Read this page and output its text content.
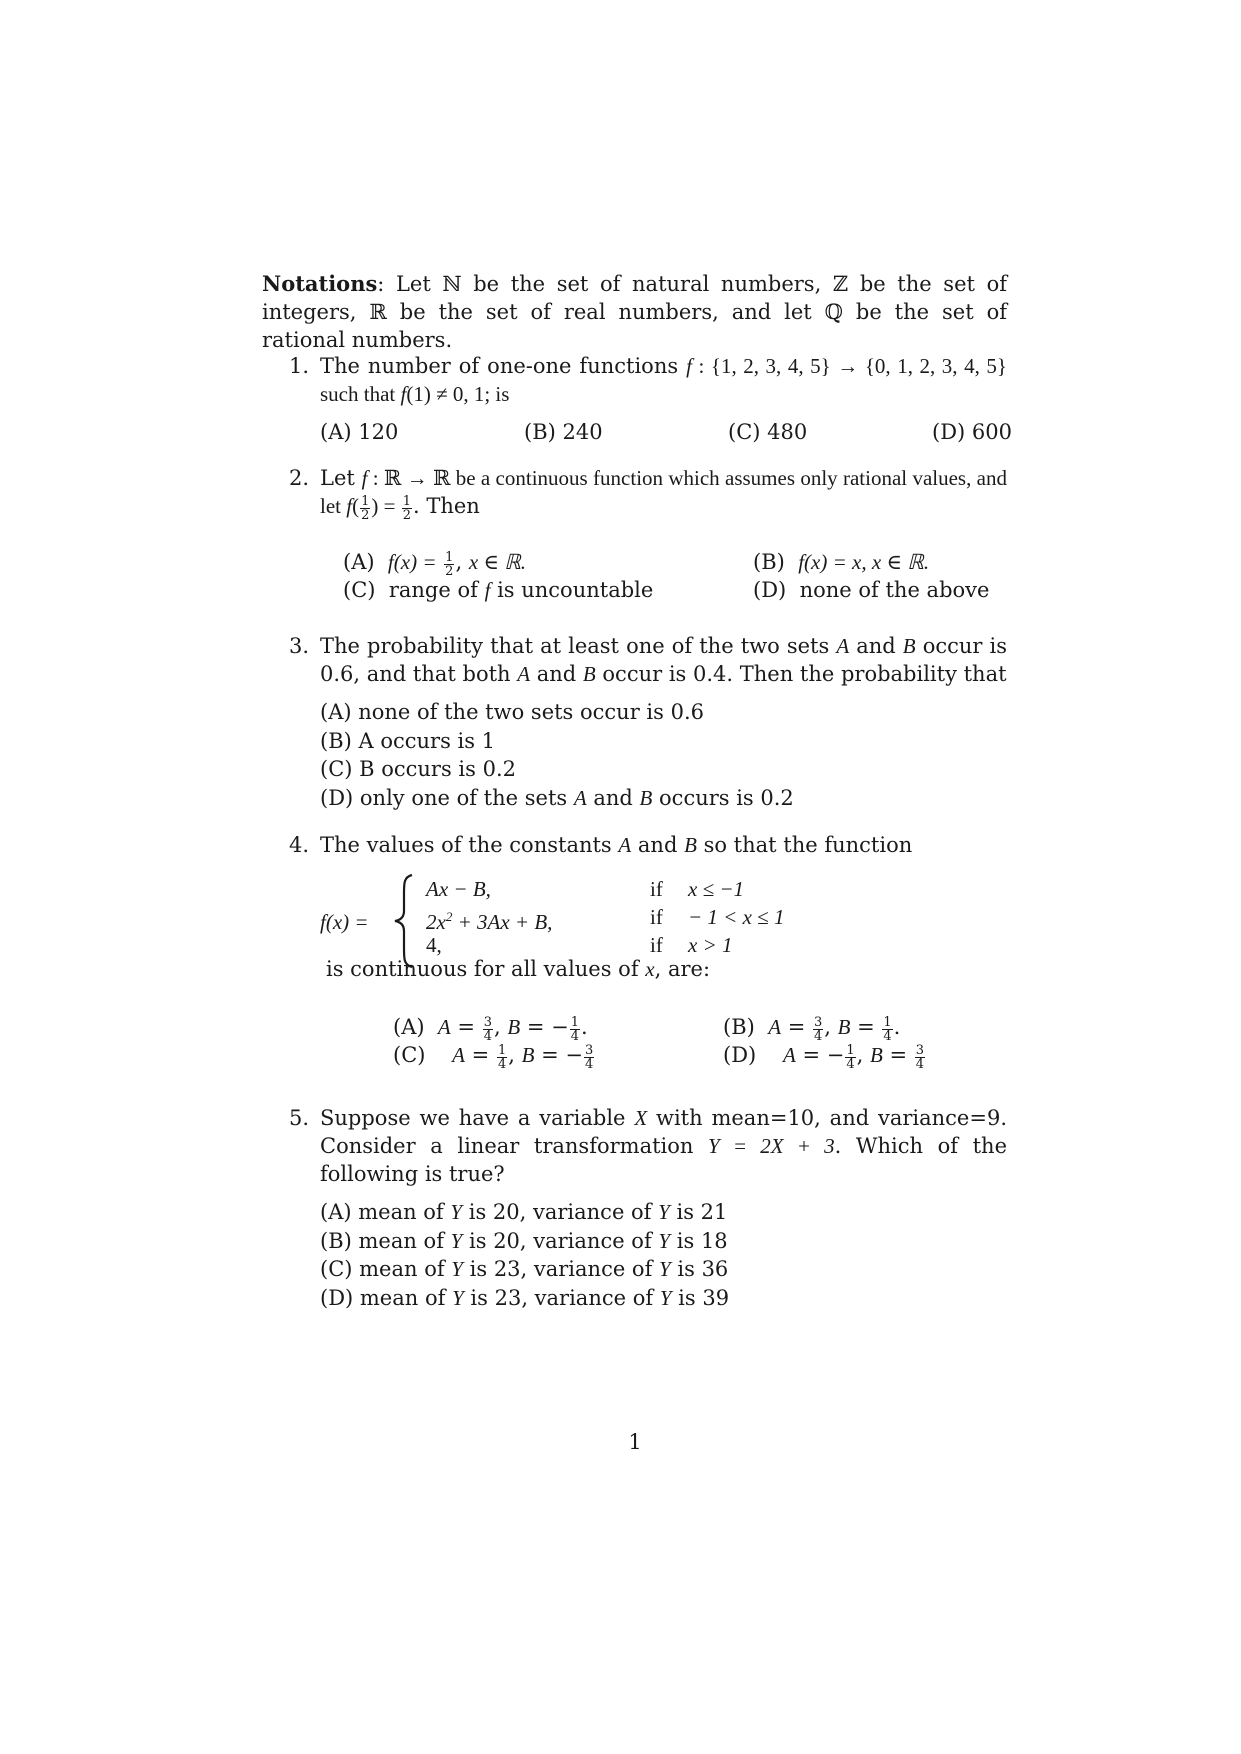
Notations: Let ℕ be the set of natural numbers, ℤ be the set of integers, ℝ be the set of real numbers, and let ℚ be the set of rational numbers.
1. The number of one-one functions f : {1, 2, 3, 4, 5} → {0, 1, 2, 3, 4, 5} such that f(1) ≠ 0, 1; is
(A) 120	(B) 240	(C) 480	(D) 600
2. Let f : ℝ → ℝ be a continuous function which assumes only rational values, and let $f( \frac{1}{2}$ ) = $\frac{1}{2}$ . Then
(A) $f(x) = \frac{1}{2}$ , x ∈ ℝ.	(B) f(x) = x, x ∈ ℝ.
(C) range of f is uncountable	(D) none of the above
3. The probability that at least one of the two sets A and B occur is 0.6, and that both A and B occur is 0.4. Then the probability that
(A) none of the two sets occur is 0.6
(B) A occurs is 1
(C) B occurs is 0.2
(D) only one of the sets A and B occurs is 0.2
4. The values of the constants A and B so that the function
f(x) =
Ax − B,	if x ≤ −1
$2x^2 + 3Ax + B$,	if − 1 < x ≤ 1
4,	if x > 1
is continuous for all values of x, are:
(A) $A = \frac{3}{4}$ , B = − $\frac{1}{4}$ .	(B) $A = \frac{3}{4}$ , $B = \frac{1}{4}$ .
(C) $A = \frac{1}{4}$ , B = − $\frac{3}{4}$	(D) A = − $\frac{1}{4}$ , $B = \frac{3}{4}$
5. Suppose we have a variable X with mean=10, and variance=9. Consider a linear transformation Y = 2X + 3. Which of the following is true?
(A) mean of Y is 20, variance of Y is 21
(B) mean of Y is 20, variance of Y is 18
(C) mean of Y is 23, variance of Y is 36
(D) mean of Y is 23, variance of Y is 39
1
